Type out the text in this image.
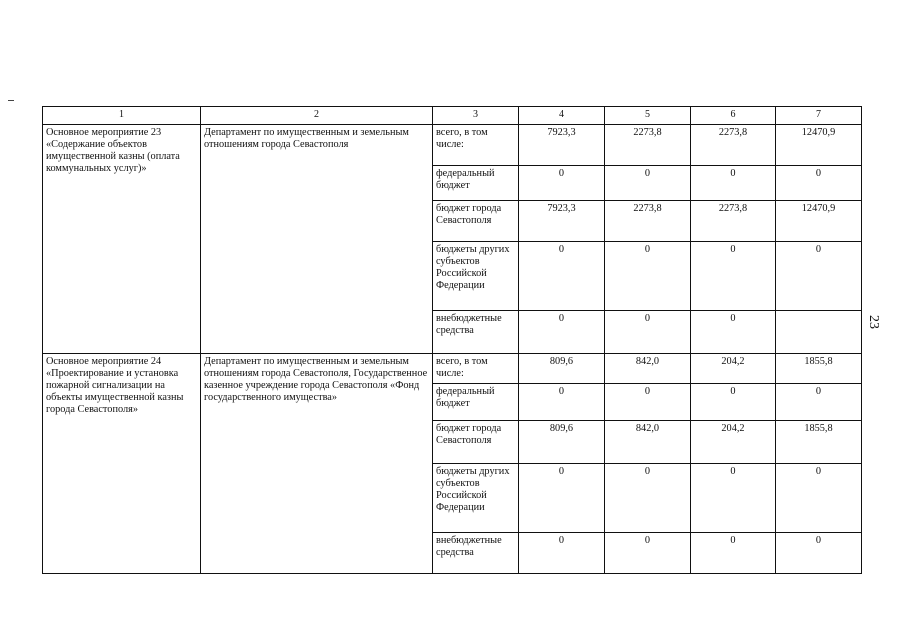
23
1	2	3	4	5	6	7
Основное мероприятие 23 «Содержание объектов имущественной казны (оплата коммунальных услуг)»	Департамент по имущественным и земельным отношениям города Севастополя	всего, в том числе:	7923,3	2273,8	2273,8	12470,9
		федеральный бюджет	0	0	0	0
		бюджет города Севастополя	7923,3	2273,8	2273,8	12470,9
		бюджеты других субъектов Российской Федерации	0	0	0	0
		внебюджетные средства	0	0	0	
Основное мероприятие 24 «Проектирование и установка пожарной сигнализации на объекты имущественной казны города Севастополя»	Департамент по имущественным и земельным отношениям города Севастополя, Государственное казенное учреждение города Севастополя «Фонд государственного имущества»	всего, в том числе:	809,6	842,0	204,2	1855,8
		федеральный бюджет	0	0	0	0
		бюджет города Севастополя	809,6	842,0	204,2	1855,8
		бюджеты других субъектов Российской Федерации	0	0	0	0
		внебюджетные средства	0	0	0	0
